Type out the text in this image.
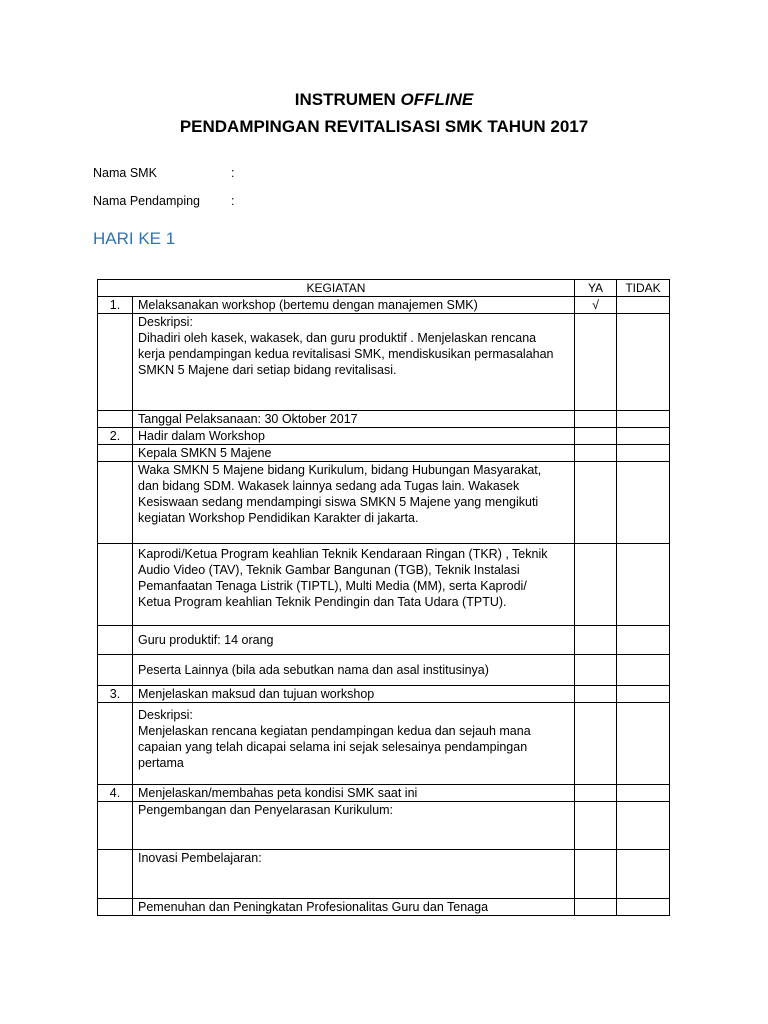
INSTRUMEN OFFLINE
PENDAMPINGAN REVITALISASI SMK TAHUN 2017
Nama SMK	:
Nama Pendamping :
HARI KE 1
KEGIATAN		YA	TIDAK
1.	Melaksanakan workshop (bertemu dengan manajemen SMK)	√	

	Deskripsi:
Dihadiri oleh kasek, wakasek, dan guru produktif . Menjelaskan rencana
kerja pendampingan kedua revitalisasi SMK, mendiskusikan permasalahan
SMKN 5 Majene dari setiap bidang revitalisasi.		

	Tanggal Pelaksanaan: 30 Oktober 2017		
2.	Hadir dalam Workshop		
	Kepala SMKN 5 Majene		

	Waka SMKN 5 Majene bidang Kurikulum, bidang Hubungan Masyarakat,
dan bidang SDM. Wakasek lainnya sedang ada Tugas lain. Wakasek
Kesiswaan sedang mendampingi siswa SMKN 5 Majene yang mengikuti
kegiatan Workshop Pendidikan Karakter di jakarta.		

	Kaprodi/Ketua Program keahlian Teknik Kendaraan Ringan (TKR) , Teknik
Audio Video (TAV), Teknik Gambar Bangunan (TGB), Teknik Instalasi
Pemanfaatan Tenaga Listrik (TIPTL), Multi Media (MM), serta Kaprodi/
Ketua Program keahlian Teknik Pendingin dan Tata Udara (TPTU).		

	Guru produktif: 14 orang		
	Peserta Lainnya (bila ada sebutkan nama dan asal institusinya)		
3.	Menjelaskan maksud dan tujuan workshop		

	Deskripsi:
Menjelaskan rencana kegiatan pendampingan kedua dan sejauh mana
capaian yang telah dicapai selama ini sejak selesainya pendampingan
pertama		

4.	Menjelaskan/membahas peta kondisi SMK saat ini		
	Pengembangan dan Penyelarasan Kurikulum:		
	Inovasi Pembelajaran:		
	Pemenuhan dan Peningkatan Profesionalitas Guru dan Tenaga		
